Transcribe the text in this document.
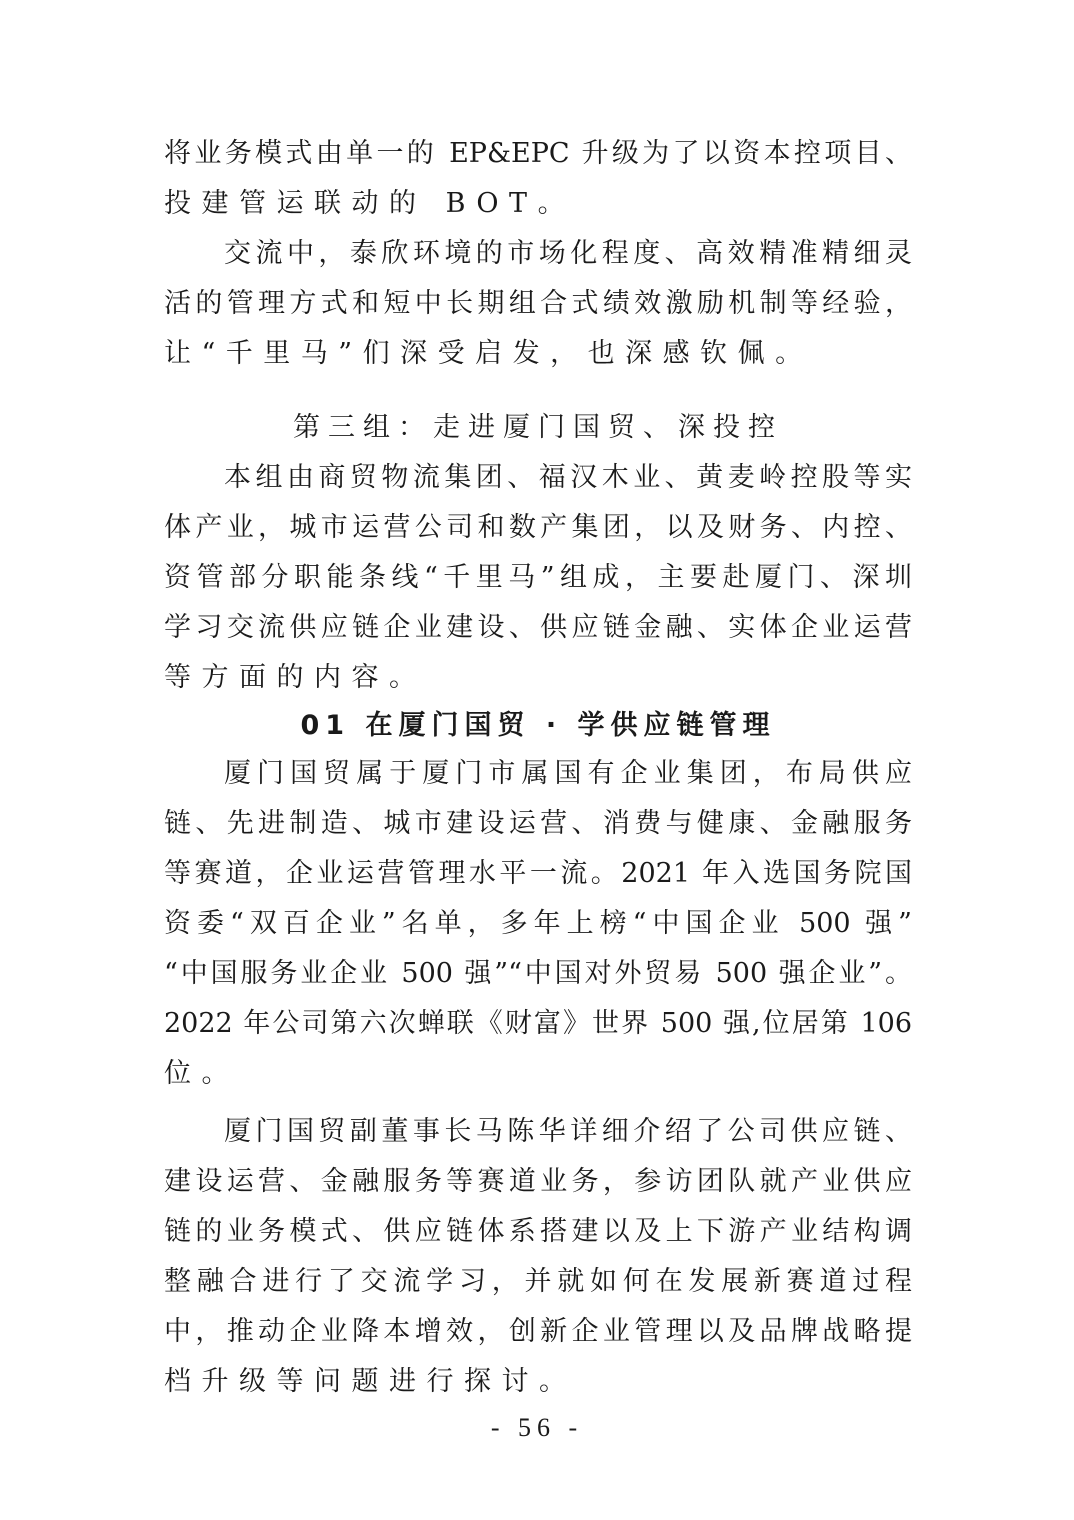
将业务模式由单一的 EP&EPC 升级为了以资本控项目、
投建管运联动的 BOT。
交流中，泰欣环境的市场化程度、高效精准精细灵
活的管理方式和短中长期组合式绩效激励机制等经验，
让“千里马”们深受启发，也深感钦佩。
第三组：走进厦门国贸、深投控
本组由商贸物流集团、福汉木业、黄麦岭控股等实
体产业，城市运营公司和数产集团，以及财务、内控、
资管部分职能条线“千里马”组成，主要赴厦门、深圳
学习交流供应链企业建设、供应链金融、实体企业运营
等方面的内容。
01 在厦门国贸 · 学供应链管理
厦门国贸属于厦门市属国有企业集团，布局供应
链、先进制造、城市建设运营、消费与健康、金融服务
等赛道，企业运营管理水平一流。2021 年入选国务院国
资委“双百企业”名单，多年上榜“中国企业 500 强”
“中国服务业企业 500 强”“中国对外贸易 500 强企业”。
2022 年公司第六次蝉联《财富》世界 500 强,位居第 106
位。
厦门国贸副董事长马陈华详细介绍了公司供应链、
建设运营、金融服务等赛道业务，参访团队就产业供应
链的业务模式、供应链体系搭建以及上下游产业结构调
整融合进行了交流学习，并就如何在发展新赛道过程
中，推动企业降本增效，创新企业管理以及品牌战略提
档升级等问题进行探讨。
- 56 -
